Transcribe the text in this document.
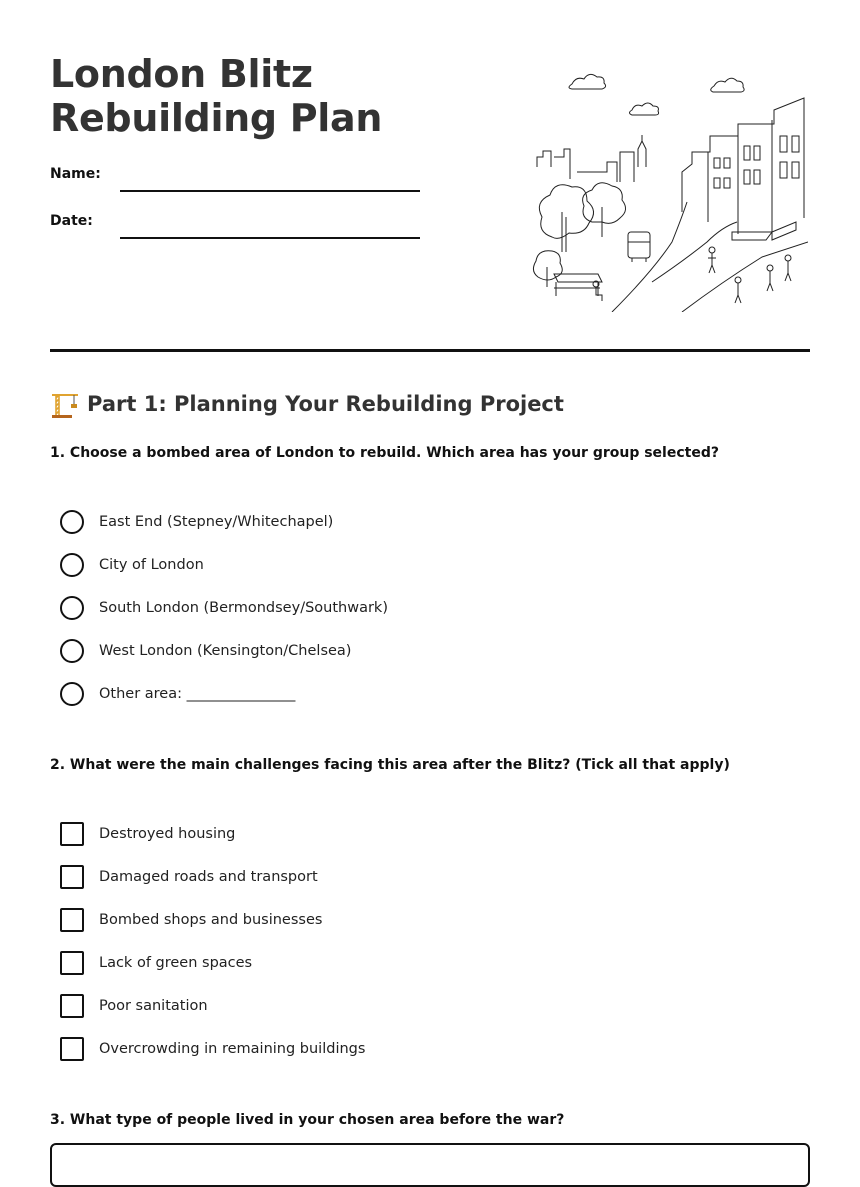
London Blitz Rebuilding Plan
Name:
Date:
Part 1: Planning Your Rebuilding Project

1. Choose a bombed area of London to rebuild. Which area has your group selected?

East End (Stepney/Whitechapel)
City of London
South London (Bermondsey/Southwark)
West London (Kensington/Chelsea)
Other area: _______________

2. What were the main challenges facing this area after the Blitz? (Tick all that apply)

Destroyed housing
Damaged roads and transport
Bombed shops and businesses
Lack of green spaces
Poor sanitation
Overcrowding in remaining buildings

3. What type of people lived in your chosen area before the war?
